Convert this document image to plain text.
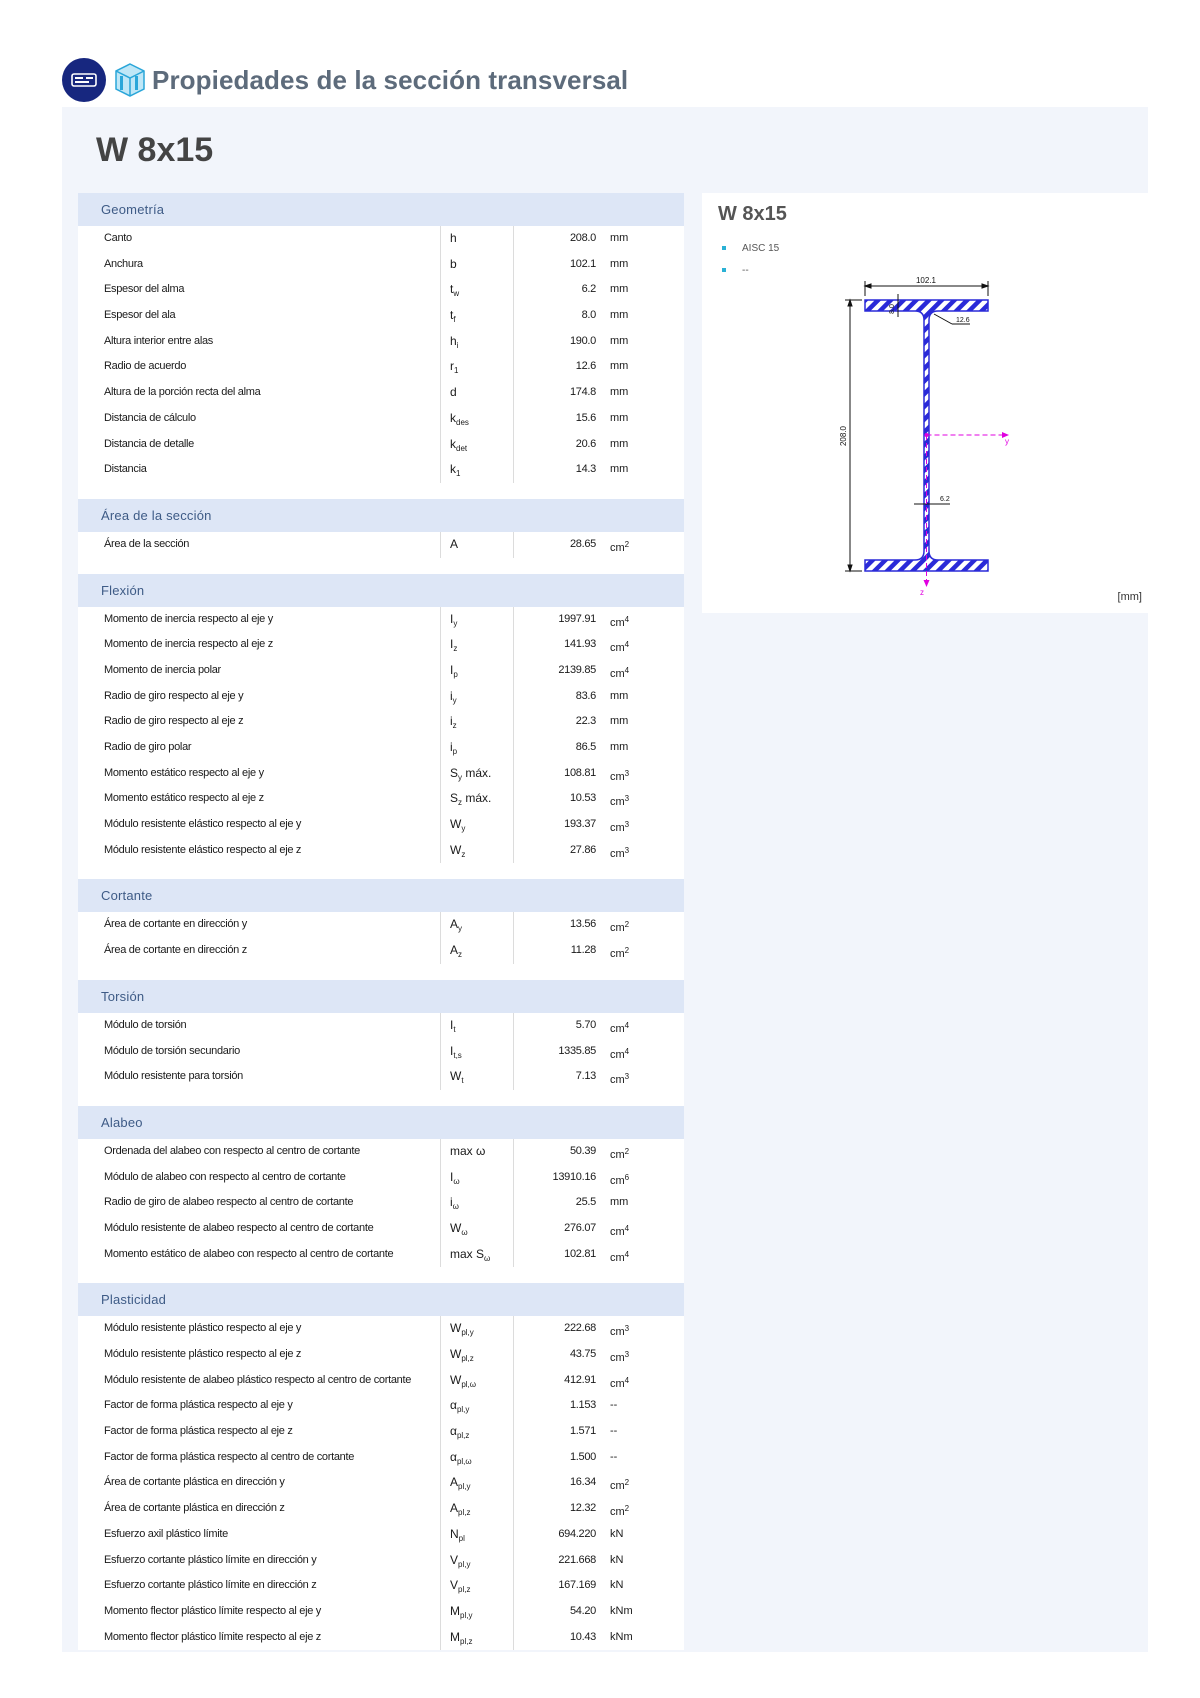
Propiedades de la sección transversal
W 8x15
Geometría
Canto	h	208.0 mm
Anchura	b	102.1 mm
Espesor del alma	$t_w$	6.2 mm
Espesor del ala	$t_f$	8.0 mm
Altura interior entre alas	$h_i$	190.0 mm
Radio de acuerdo	$r_1$	12.6 mm
Altura de la porción recta del alma	d	174.8 mm
Distancia de cálculo	$k_{des}$	15.6 mm
Distancia de detalle	$k_{det}$	20.6 mm
Distancia	$k_1$	14.3 mm
Área de la sección
Área de la sección	A	28.65 $cm^2$
Flexión
Momento de inercia respecto al eje y	$I_y$	1997.91 $cm^4$
Momento de inercia respecto al eje z	$I_z$	141.93 $cm^4$
Momento de inercia polar	$I_p$	2139.85 $cm^4$
Radio de giro respecto al eje y	$i_y$	83.6 mm
Radio de giro respecto al eje z	$i_z$	22.3 mm
Radio de giro polar	$i_p$	86.5 mm
Momento estático respecto al eje y	$S_y$ máx.	108.81 $cm^3$
Momento estático respecto al eje z	$S_z$ máx.	10.53 $cm^3$
Módulo resistente elástico respecto al eje y	$W_y$	193.37 $cm^3$
Módulo resistente elástico respecto al eje z	$W_z$	27.86 $cm^3$
Cortante
Área de cortante en dirección y	$A_y$	13.56 $cm^2$
Área de cortante en dirección z	$A_z$	11.28 $cm^2$
Torsión
Módulo de torsión	$I_t$	5.70 $cm^4$
Módulo de torsión secundario	$I_{t,s}$	1335.85 $cm^4$
Módulo resistente para torsión	$W_t$	7.13 $cm^3$
Alabeo
Ordenada del alabeo con respecto al centro de cortante	max ω	50.39 $cm^2$
Módulo de alabeo con respecto al centro de cortante	$I_\omega$	13910.16 $cm^6$
Radio de giro de alabeo respecto al centro de cortante	$i_\omega$	25.5 mm
Módulo resistente de alabeo respecto al centro de cortante	$W_\omega$	276.07 $cm^4$
Momento estático de alabeo con respecto al centro de cortante	$\max S_\omega$	102.81 $cm^4$
Plasticidad
Módulo resistente plástico respecto al eje y	$W_{pl,y}$	222.68 $cm^3$
Módulo resistente plástico respecto al eje z	$W_{pl,z}$	43.75 $cm^3$
Módulo resistente de alabeo plástico respecto al centro de cortante	$W_{pl,\omega}$	412.91 $cm^4$
Factor de forma plástica respecto al eje y	$\alpha_{pl,y}$	1.153 --
Factor de forma plástica respecto al eje z	$\alpha_{pl,z}$	1.571 --
Factor de forma plástica respecto al centro de cortante	$\alpha_{pl,\omega}$	1.500 --
Área de cortante plástica en dirección y	$A_{pl,y}$	16.34 $cm^2$
Área de cortante plástica en dirección z	$A_{pl,z}$	12.32 $cm^2$
Esfuerzo axil plástico límite	$N_{pl}$	694.220 kN
Esfuerzo cortante plástico límite en dirección y	$V_{pl,y}$	221.668 kN
Esfuerzo cortante plástico límite en dirección z	$V_{pl,z}$	167.169 kN
Momento flector plástico límite respecto al eje y	$M_{pl,y}$	54.20 kNm
Momento flector plástico límite respecto al eje z	$M_{pl,z}$	10.43 kNm
W 8x15
AISC 15
--
102.1
208.0
8.0
12.6
6.2
y
z	[mm]
